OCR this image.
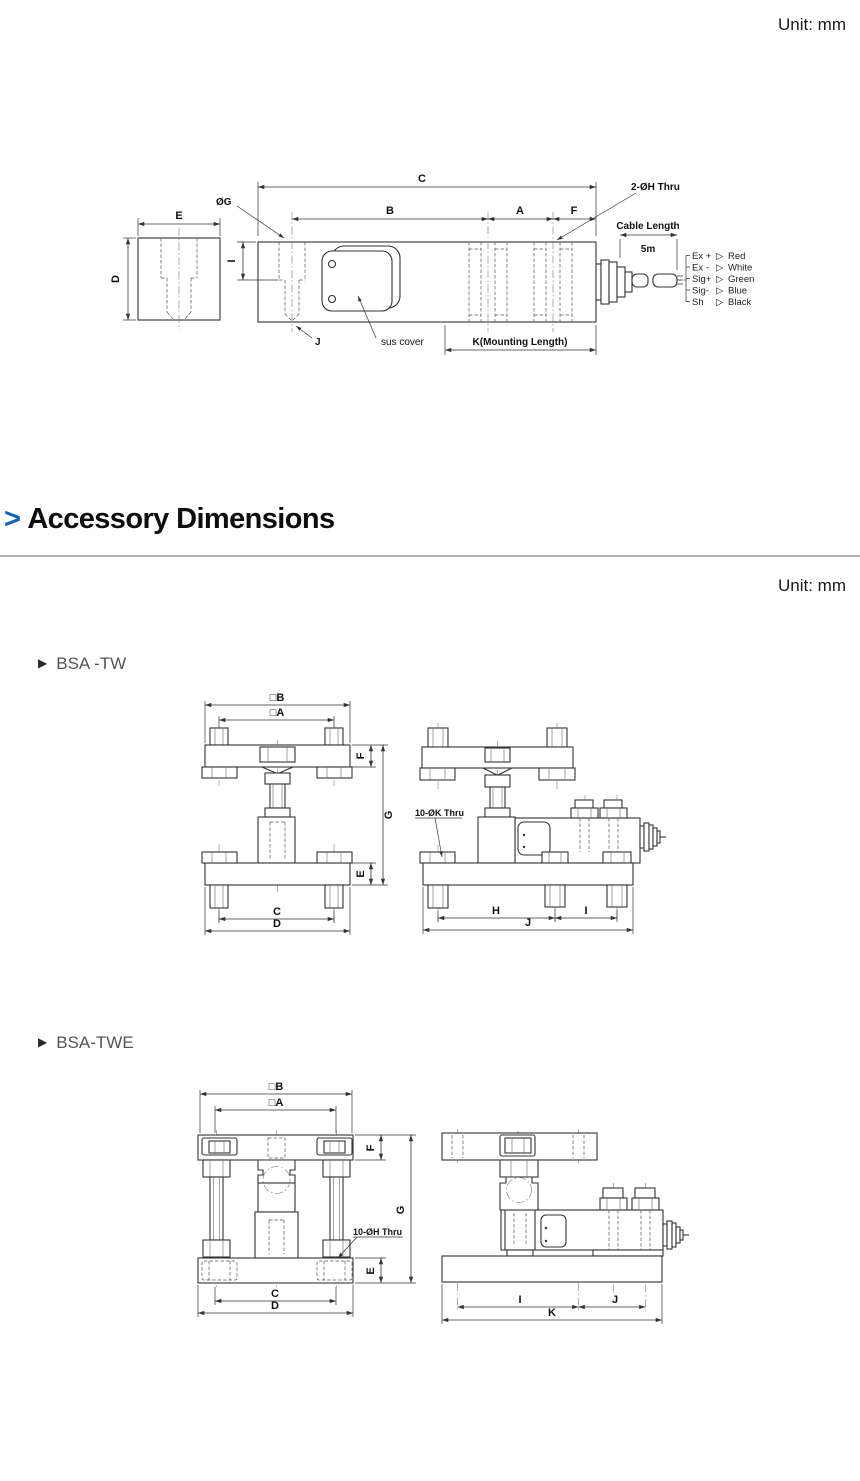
Unit: mm
E
D
C
B	A	F
I
ØG
2-ØH Thru
J	sus cover	K(Mounting Length)
Cable Length
5m
Ex + ▷ Red
Ex - ▷ White
Sig+ ▷ Green
Sig- ▷ Blue
Sh ▷ Black
> Accessory Dimensions
Unit: mm
▶ BSA -TW
□B
□A
F
G
E
C
D
10-ØK Thru
H	I
J
▶ BSA-TWE
□B
□A
10-ØH Thru
F
G
E
C
D	I	J
K
